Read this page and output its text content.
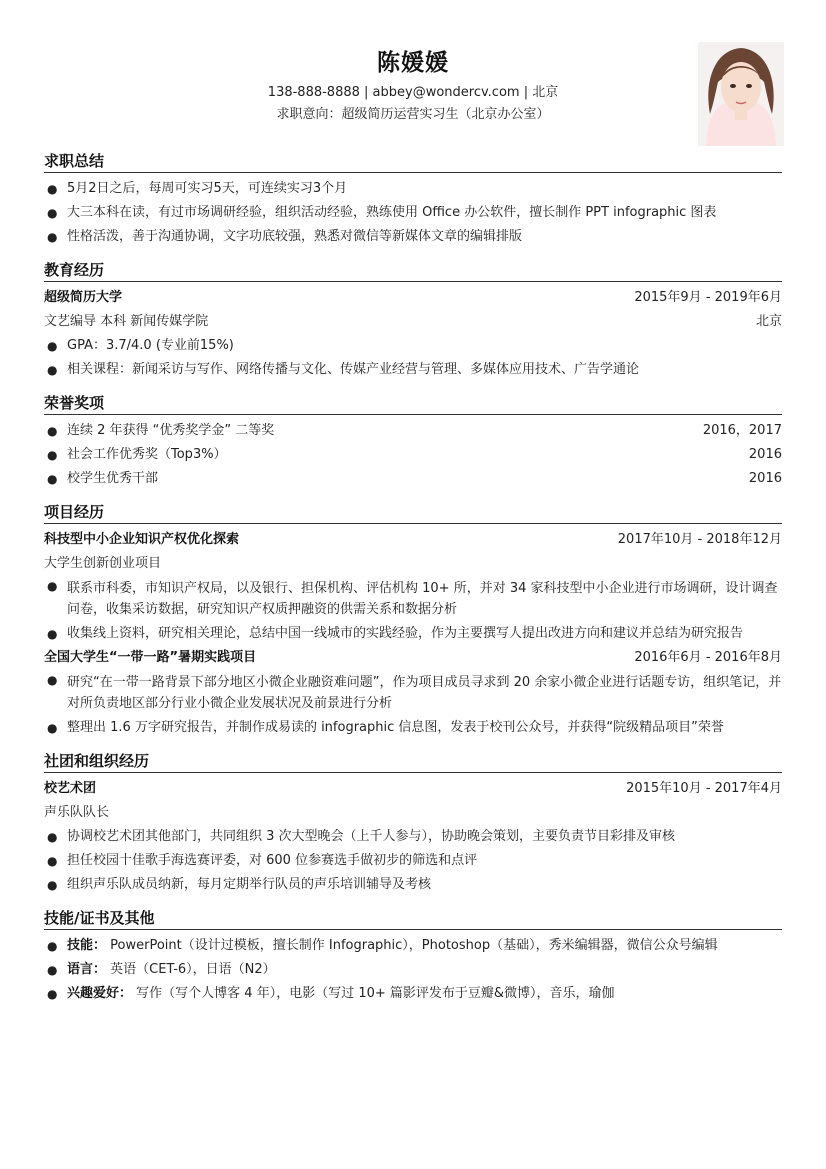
陈媛媛
138-888-8888 | abbey@wondercv.com | 北京
求职意向：超级简历运营实习生（北京办公室）
求职总结
● 5月2日之后，每周可实习5天，可连续实习3个月
● 大三本科在读，有过市场调研经验，组织活动经验，熟练使用 Office 办公软件，擅长制作 PPT infographic 图表
● 性格活泼，善于沟通协调，文字功底较强，熟悉对微信等新媒体文章的编辑排版
教育经历
超级简历大学	2015年9月 - 2019年6月
文艺编导 本科 新闻传媒学院	北京
● GPA：3.7/4.0 (专业前15%)
● 相关课程：新闻采访与写作、网络传播与文化、传媒产业经营与管理、多媒体应用技术、广告学通论
荣誉奖项
● 连续 2 年获得 “优秀奖学金” 二等奖	2016，2017
● 社会工作优秀奖（Top3%）	2016
● 校学生优秀干部	2016
项目经历
科技型中小企业知识产权优化探索	2017年10月 - 2018年12月
大学生创新创业项目
● 联系市科委，市知识产权局，以及银行、担保机构、评估机构 10+ 所，并对 34 家科技型中小企业进行市场调研，设计调查问卷，收集采访数据，研究知识产权质押融资的供需关系和数据分析
● 收集线上资料，研究相关理论，总结中国一线城市的实践经验，作为主要撰写人提出改进方向和建议并总结为研究报告
全国大学生“一带一路”暑期实践项目	2016年6月 - 2016年8月
● 研究“在一带一路背景下部分地区小微企业融资难问题”，作为项目成员寻求到 20 余家小微企业进行话题专访，组织笔记，并对所负责地区部分行业小微企业发展状况及前景进行分析
● 整理出 1.6 万字研究报告，并制作成易读的 infographic 信息图，发表于校刊公众号，并获得“院级精品项目”荣誉
社团和组织经历
校艺术团	2015年10月 - 2017年4月
声乐队队长
● 协调校艺术团其他部门，共同组织 3 次大型晚会（上千人参与），协助晚会策划，主要负责节目彩排及审核
● 担任校园十佳歌手海选赛评委，对 600 位参赛选手做初步的筛选和点评
● 组织声乐队成员纳新，每月定期举行队员的声乐培训辅导及考核
技能/证书及其他
● 技能： PowerPoint（设计过模板，擅长制作 Infographic），Photoshop（基础），秀米编辑器，微信公众号编辑
● 语言： 英语（CET-6），日语（N2）
● 兴趣爱好： 写作（写个人博客 4 年），电影（写过 10+ 篇影评发布于豆瓣&微博），音乐，瑜伽
